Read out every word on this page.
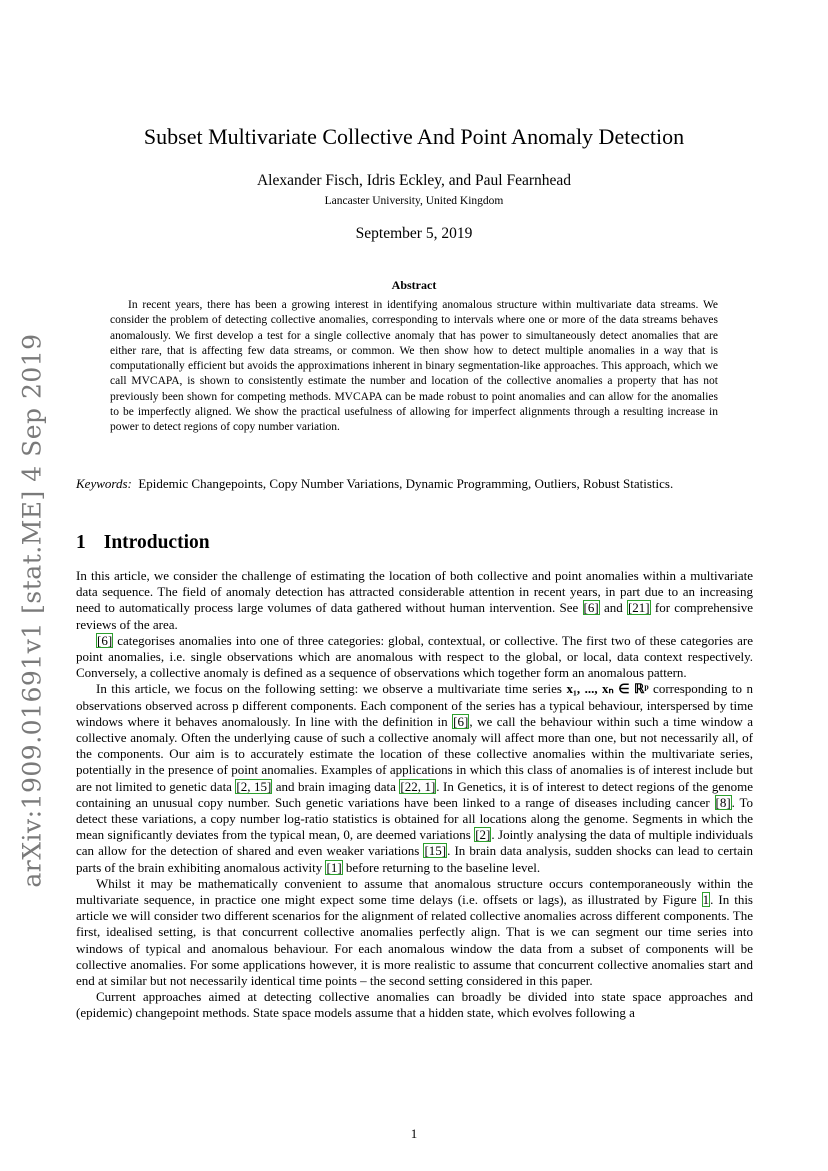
arXiv:1909.01691v1 [stat.ME] 4 Sep 2019
Subset Multivariate Collective And Point Anomaly Detection
Alexander Fisch, Idris Eckley, and Paul Fearnhead
Lancaster University, United Kingdom
September 5, 2019
Abstract

In recent years, there has been a growing interest in identifying anomalous structure within multivariate data streams. We consider the problem of detecting collective anomalies, corresponding to intervals where one or more of the data streams behaves anomalously. We first develop a test for a single collective anomaly that has power to simultaneously detect anomalies that are either rare, that is affecting few data streams, or common. We then show how to detect multiple anomalies in a way that is computationally efficient but avoids the approximations inherent in binary segmentation-like approaches. This approach, which we call MVCAPA, is shown to consistently estimate the number and location of the collective anomalies a property that has not previously been shown for competing methods. MVCAPA can be made robust to point anomalies and can allow for the anomalies to be imperfectly aligned. We show the practical usefulness of allowing for imperfect alignments through a resulting increase in power to detect regions of copy number variation.

Keywords: Epidemic Changepoints, Copy Number Variations, Dynamic Programming, Outliers, Robust Statistics.

1 Introduction

In this article, we consider the challenge of estimating the location of both collective and point anomalies within a multivariate data sequence. The field of anomaly detection has attracted considerable attention in recent years, in part due to an increasing need to automatically process large volumes of data gathered without human intervention. See [6] and [21] for comprehensive reviews of the area.

[6] categorises anomalies into one of three categories: global, contextual, or collective. The first two of these categories are point anomalies, i.e. single observations which are anomalous with respect to the global, or local, data context respectively. Conversely, a collective anomaly is defined as a sequence of observations which together form an anomalous pattern.

In this article, we focus on the following setting: we observe a multivariate time series x₁, ..., xₙ ∈ ℝᵖ corresponding to n observations observed across p different components. Each component of the series has a typical behaviour, interspersed by time windows where it behaves anomalously. In line with the definition in [6], we call the behaviour within such a time window a collective anomaly. Often the underlying cause of such a collective anomaly will affect more than one, but not necessarily all, of the components. Our aim is to accurately estimate the location of these collective anomalies within the multivariate series, potentially in the presence of point anomalies. Examples of applications in which this class of anomalies is of interest include but are not limited to genetic data [2, 15] and brain imaging data [22, 1]. In Genetics, it is of interest to detect regions of the genome containing an unusual copy number. Such genetic variations have been linked to a range of diseases including cancer [8]. To detect these variations, a copy number log-ratio statistics is obtained for all locations along the genome. Segments in which the mean significantly deviates from the typical mean, 0, are deemed variations [2]. Jointly analysing the data of multiple individuals can allow for the detection of shared and even weaker variations [15]. In brain data analysis, sudden shocks can lead to certain parts of the brain exhibiting anomalous activity [1] before returning to the baseline level.

Whilst it may be mathematically convenient to assume that anomalous structure occurs contemporaneously within the multivariate sequence, in practice one might expect some time delays (i.e. offsets or lags), as illustrated by Figure 1. In this article we will consider two different scenarios for the alignment of related collective anomalies across different components. The first, idealised setting, is that concurrent collective anomalies perfectly align. That is we can segment our time series into windows of typical and anomalous behaviour. For each anomalous window the data from a subset of components will be collective anomalies. For some applications however, it is more realistic to assume that concurrent collective anomalies start and end at similar but not necessarily identical time points – the second setting considered in this paper.

Current approaches aimed at detecting collective anomalies can broadly be divided into state space approaches and (epidemic) changepoint methods. State space models assume that a hidden state, which evolves following a

1
